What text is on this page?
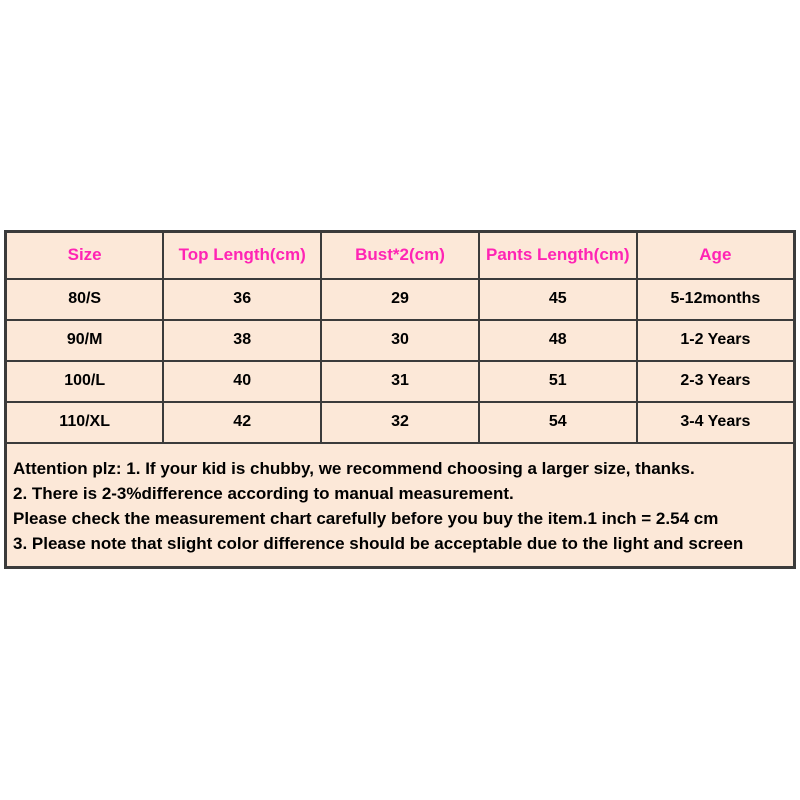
Size	Top Length(cm)	Bust*2(cm)	Pants Length(cm)	Age
80/S	36	29	45	5-12months
90/M	38	30	48	1-2 Years
100/L	40	31	51	2-3 Years
110/XL	42	32	54	3-4 Years

Attention plz: 1. If your kid is chubby, we recommend choosing a larger size, thanks.
2. There is 2-3%difference according to manual measurement.
Please check the measurement chart carefully before you buy the item.1 inch = 2.54 cm
3. Please note that slight color difference should be acceptable due to the light and screen				
